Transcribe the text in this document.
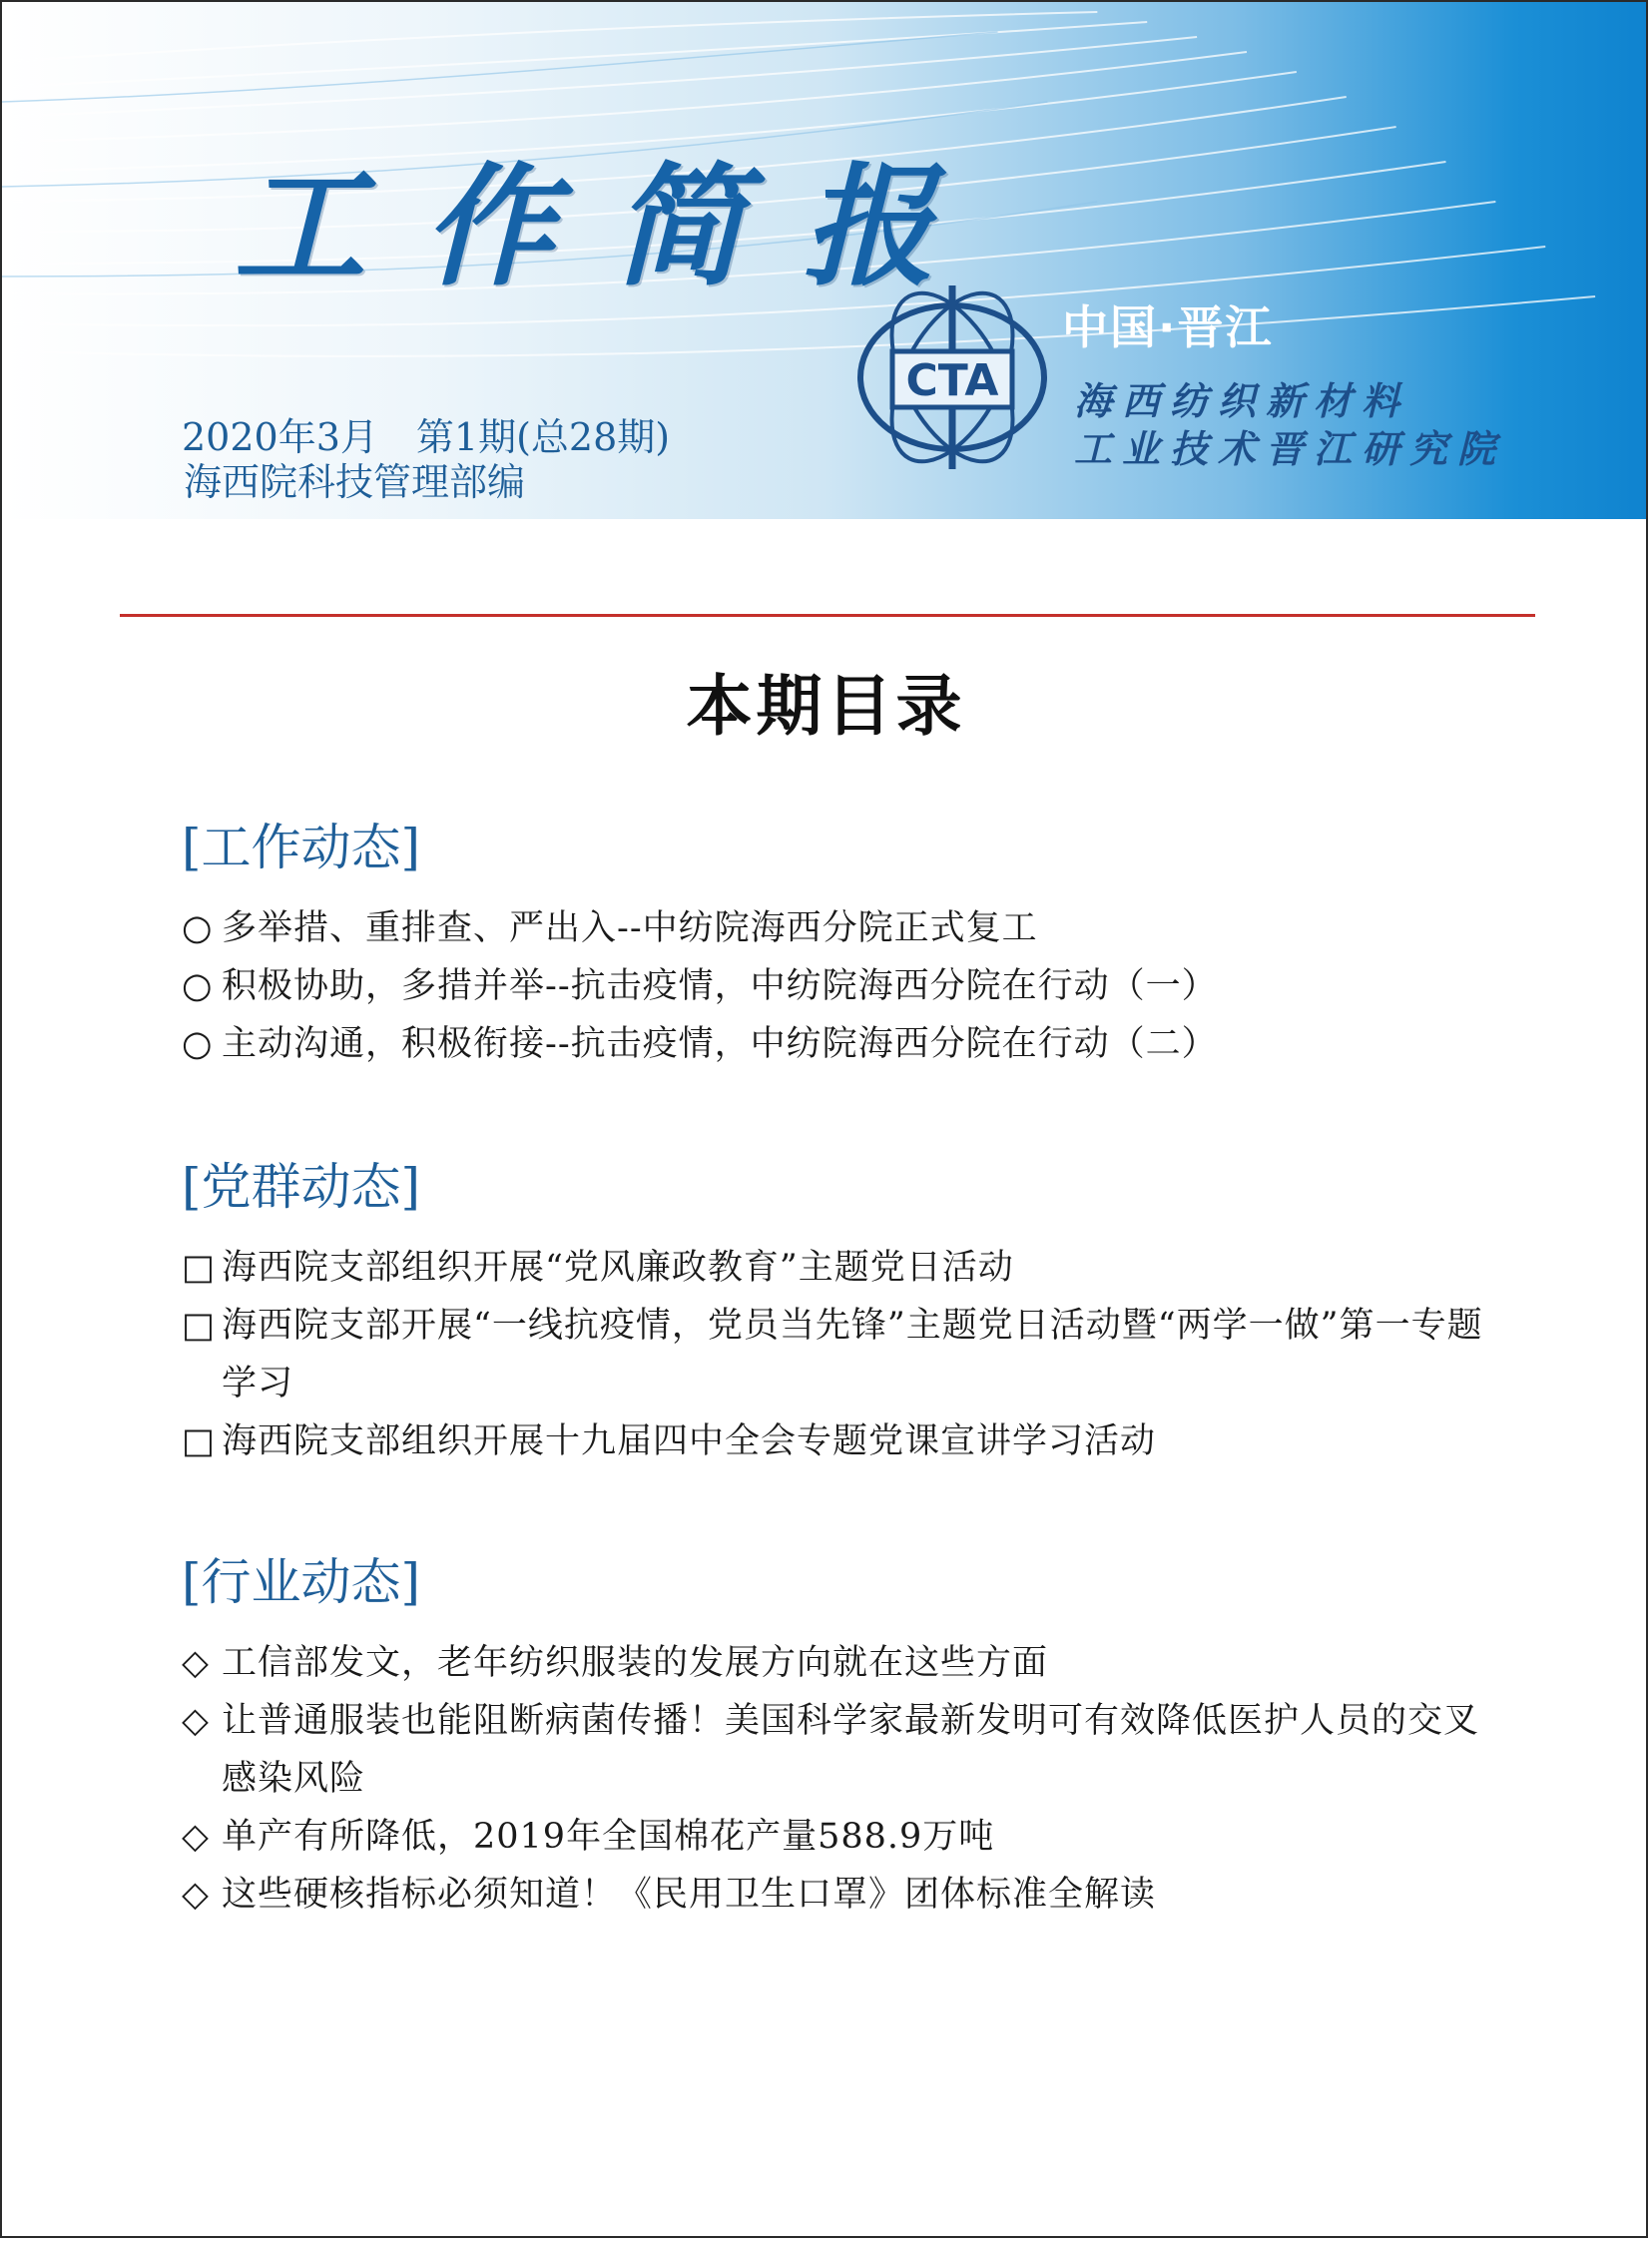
工作简报
2020年3月 第1期(总28期)
海西院科技管理部编
CTA
中国·晋江
海西纺织新材料
工业技术晋江研究院
本期目录
[工作动态]
○ 多举措、重排查、严出入--中纺院海西分院正式复工
○ 积极协助，多措并举--抗击疫情，中纺院海西分院在行动（一）
○ 主动沟通，积极衔接--抗击疫情，中纺院海西分院在行动（二）
[党群动态]
□ 海西院支部组织开展“党风廉政教育”主题党日活动
□ 海西院支部开展“一线抗疫情，党员当先锋”主题党日活动暨“两学一做”第一专题学习
□ 海西院支部组织开展十九届四中全会专题党课宣讲学习活动
[行业动态]
◇ 工信部发文，老年纺织服装的发展方向就在这些方面
◇ 让普通服装也能阻断病菌传播！美国科学家最新发明可有效降低医护人员的交叉感染风险
◇ 单产有所降低，2019年全国棉花产量588.9万吨
◇ 这些硬核指标必须知道！《民用卫生口罩》团体标准全解读
